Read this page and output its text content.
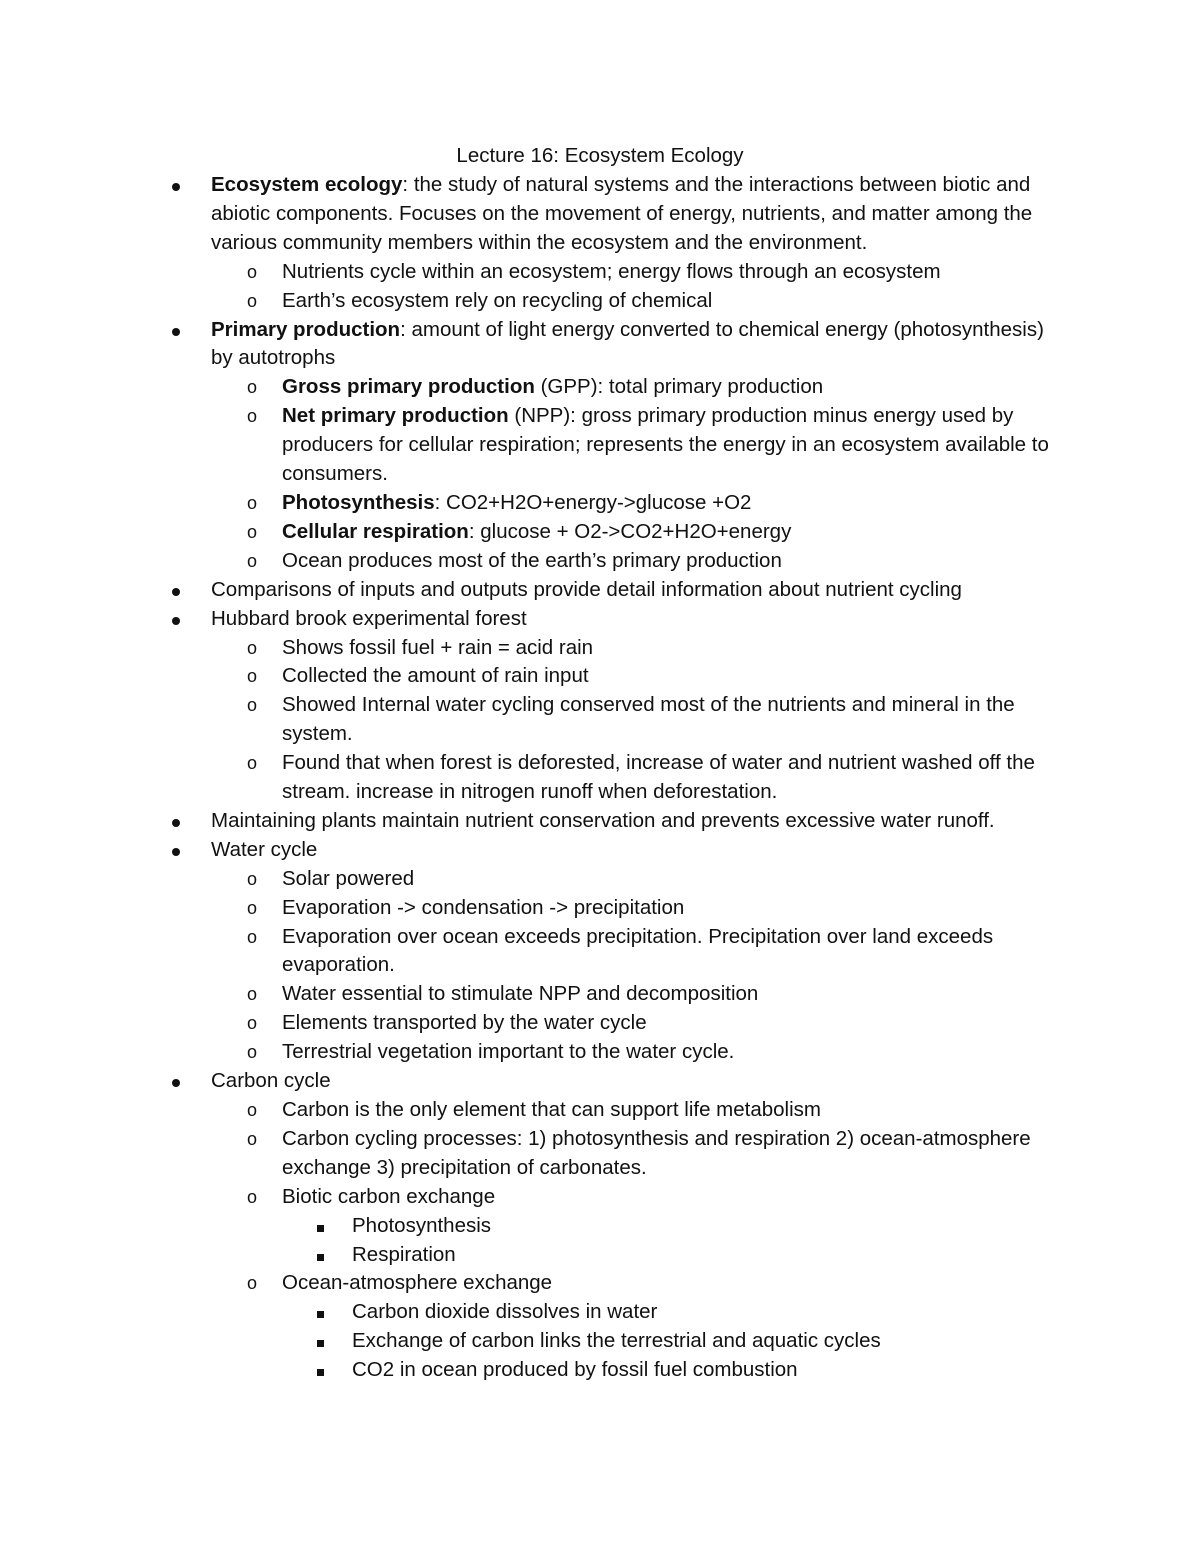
Lecture 16: Ecosystem Ecology
Ecosystem ecology: the study of natural systems and the interactions between biotic and abiotic components. Focuses on the movement of energy, nutrients, and matter among the various community members within the ecosystem and the environment.
o Nutrients cycle within an ecosystem; energy flows through an ecosystem
o Earth’s ecosystem rely on recycling of chemical
Primary production: amount of light energy converted to chemical energy (photosynthesis) by autotrophs
o Gross primary production (GPP): total primary production
o Net primary production (NPP): gross primary production minus energy used by producers for cellular respiration; represents the energy in an ecosystem available to consumers.
o Photosynthesis: CO2+H2O+energy->glucose +O2
o Cellular respiration: glucose + O2->CO2+H2O+energy
o Ocean produces most of the earth’s primary production
Comparisons of inputs and outputs provide detail information about nutrient cycling
Hubbard brook experimental forest
o Shows fossil fuel + rain = acid rain
o Collected the amount of rain input
o Showed Internal water cycling conserved most of the nutrients and mineral in the system.
o Found that when forest is deforested, increase of water and nutrient washed off the stream. increase in nitrogen runoff when deforestation.
Maintaining plants maintain nutrient conservation and prevents excessive water runoff.
Water cycle
o Solar powered
o Evaporation -> condensation -> precipitation
o Evaporation over ocean exceeds precipitation. Precipitation over land exceeds evaporation.
o Water essential to stimulate NPP and decomposition
o Elements transported by the water cycle
o Terrestrial vegetation important to the water cycle.
Carbon cycle
o Carbon is the only element that can support life metabolism
o Carbon cycling processes: 1) photosynthesis and respiration 2) ocean-atmosphere exchange 3) precipitation of carbonates.
o Biotic carbon exchange
Photosynthesis
Respiration
o Ocean-atmosphere exchange
Carbon dioxide dissolves in water
Exchange of carbon links the terrestrial and aquatic cycles
CO2 in ocean produced by fossil fuel combustion
